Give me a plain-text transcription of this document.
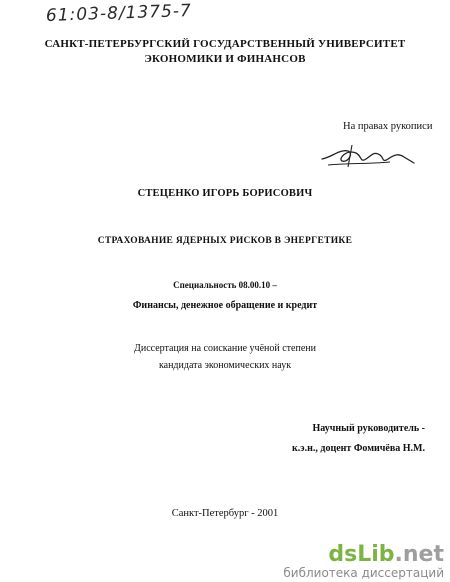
61:03-8/1375-7
САНКТ-ПЕТЕРБУРГСКИЙ ГОСУДАРСТВЕННЫЙ УНИВЕРСИТЕТ
ЭКОНОМИКИ И ФИНАНСОВ
На правах рукописи
СТЕЦЕНКО ИГОРЬ БОРИСОВИЧ
СТРАХОВАНИЕ ЯДЕРНЫХ РИСКОВ В ЭНЕРГЕТИКЕ
Специальность 08.00.10 –
Финансы, денежное обращение и кредит
Диссертация на соискание учёной степени
кандидата экономических наук
Научный руководитель -
к.э.н., доцент Фомичёва Н.М.
Санкт-Петербург - 2001
dsLib.net
библиотека диссертаций
